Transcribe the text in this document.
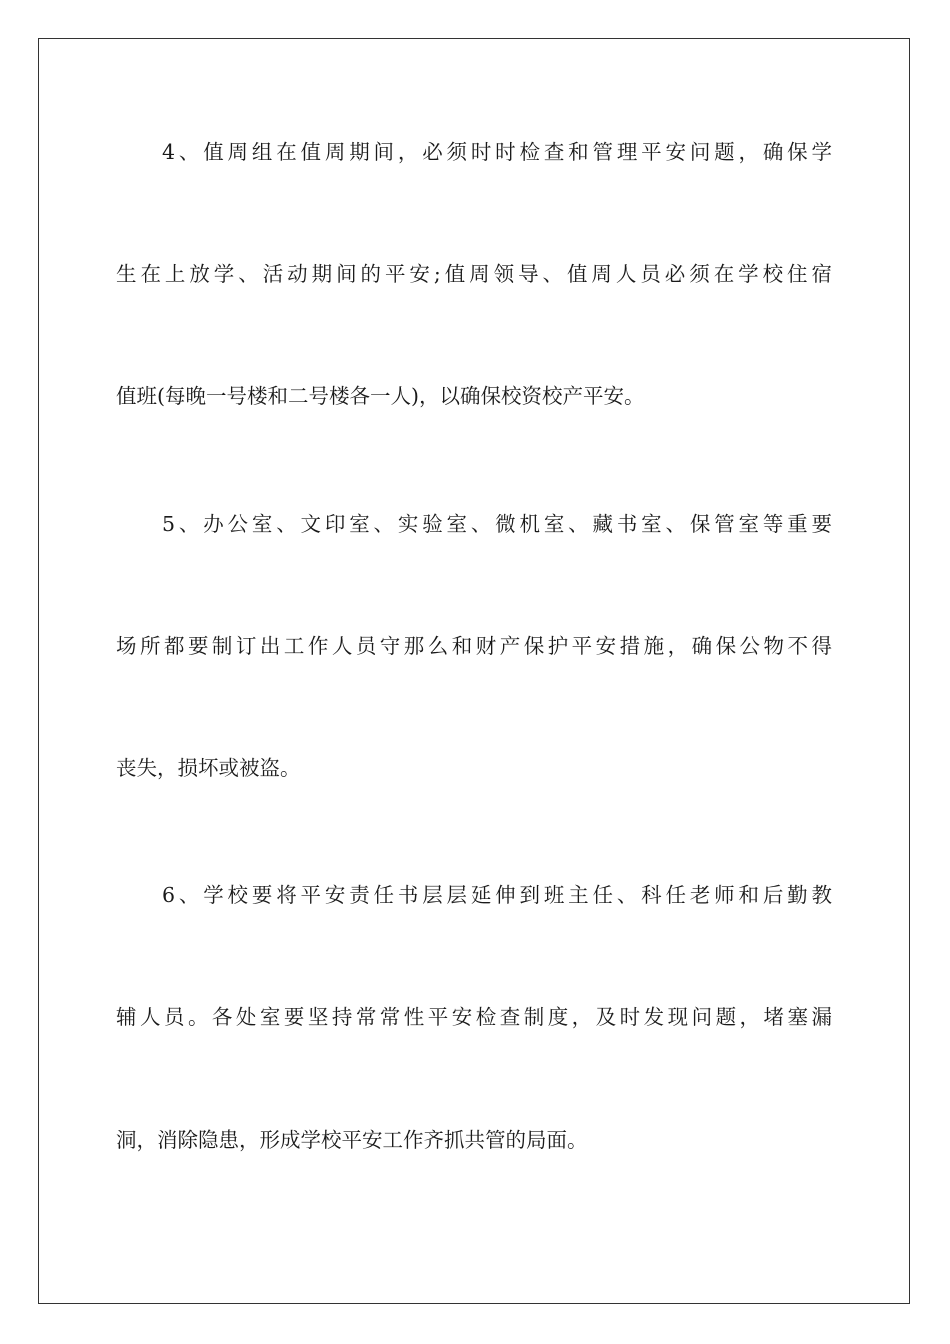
4、值周组在值周期间，必须时时检查和管理平安问题，确保学
生在上放学、活动期间的平安;值周领导、值周人员必须在学校住宿
值班(每晚一号楼和二号楼各一人)，以确保校资校产平安。
5、办公室、文印室、实验室、微机室、藏书室、保管室等重要
场所都要制订出工作人员守那么和财产保护平安措施，确保公物不得
丧失，损坏或被盗。
6、学校要将平安责任书层层延伸到班主任、科任老师和后勤教
辅人员。各处室要坚持常常性平安检查制度，及时发现问题，堵塞漏
洞，消除隐患，形成学校平安工作齐抓共管的局面。
